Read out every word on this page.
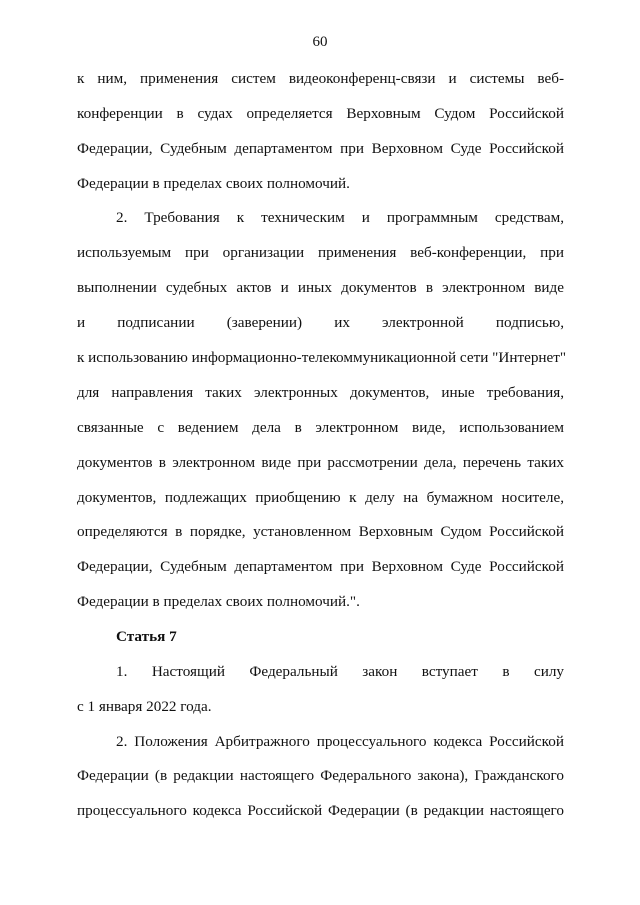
60
к ним, применения систем видеоконференц-связи и системы веб-
конференции в судах определяется Верховным Судом Российской
Федерации, Судебным департаментом при Верховном Суде Российской
Федерации в пределах своих полномочий.
2. Требования к техническим и программным средствам,
используемым при организации применения веб-конференции, при
выполнении судебных актов и иных документов в электронном виде
и подписании (заверении) их электронной подписью,
к использованию информационно-телекоммуникационной сети "Интернет"
для направления таких электронных документов, иные требования,
связанные с ведением дела в электронном виде, использованием
документов в электронном виде при рассмотрении дела, перечень таких
документов, подлежащих приобщению к делу на бумажном носителе,
определяются в порядке, установленном Верховным Судом Российской
Федерации, Судебным департаментом при Верховном Суде Российской
Федерации в пределах своих полномочий.".
Статья 7
1. Настоящий Федеральный закон вступает в силу
с 1 января 2022 года.
2. Положения Арбитражного процессуального кодекса Российской
Федерации (в редакции настоящего Федерального закона), Гражданского
процессуального кодекса Российской Федерации (в редакции настоящего
